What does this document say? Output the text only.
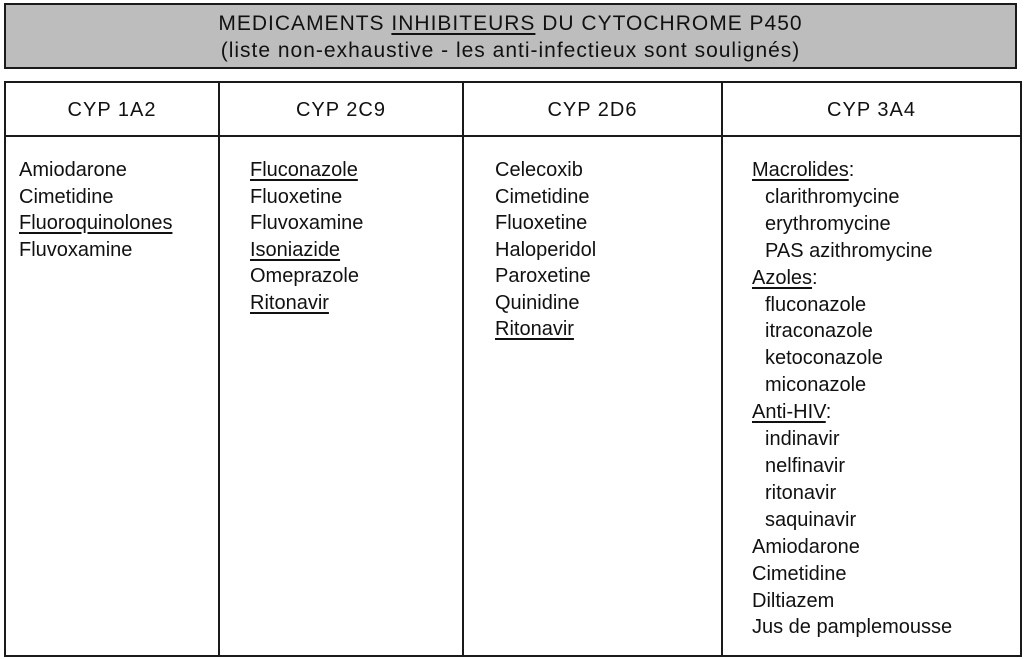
MEDICAMENTS INHIBITEURS DU CYTOCHROME P450
(liste non-exhaustive - les anti-infectieux sont soulignés)
CYP 1A2
Amiodarone
Cimetidine
Fluoroquinolones
Fluvoxamine
CYP 2C9
Fluconazole
Fluoxetine
Fluvoxamine
Isoniazide
Omeprazole
Ritonavir
CYP 2D6
Celecoxib
Cimetidine
Fluoxetine
Haloperidol
Paroxetine
Quinidine
Ritonavir
CYP 3A4
Macrolides:
clarithromycine
erythromycine
PAS azithromycine
Azoles:
fluconazole
itraconazole
ketoconazole
miconazole
Anti-HIV:
indinavir
nelfinavir
ritonavir
saquinavir
Amiodarone
Cimetidine
Diltiazem
Jus de pamplemousse
